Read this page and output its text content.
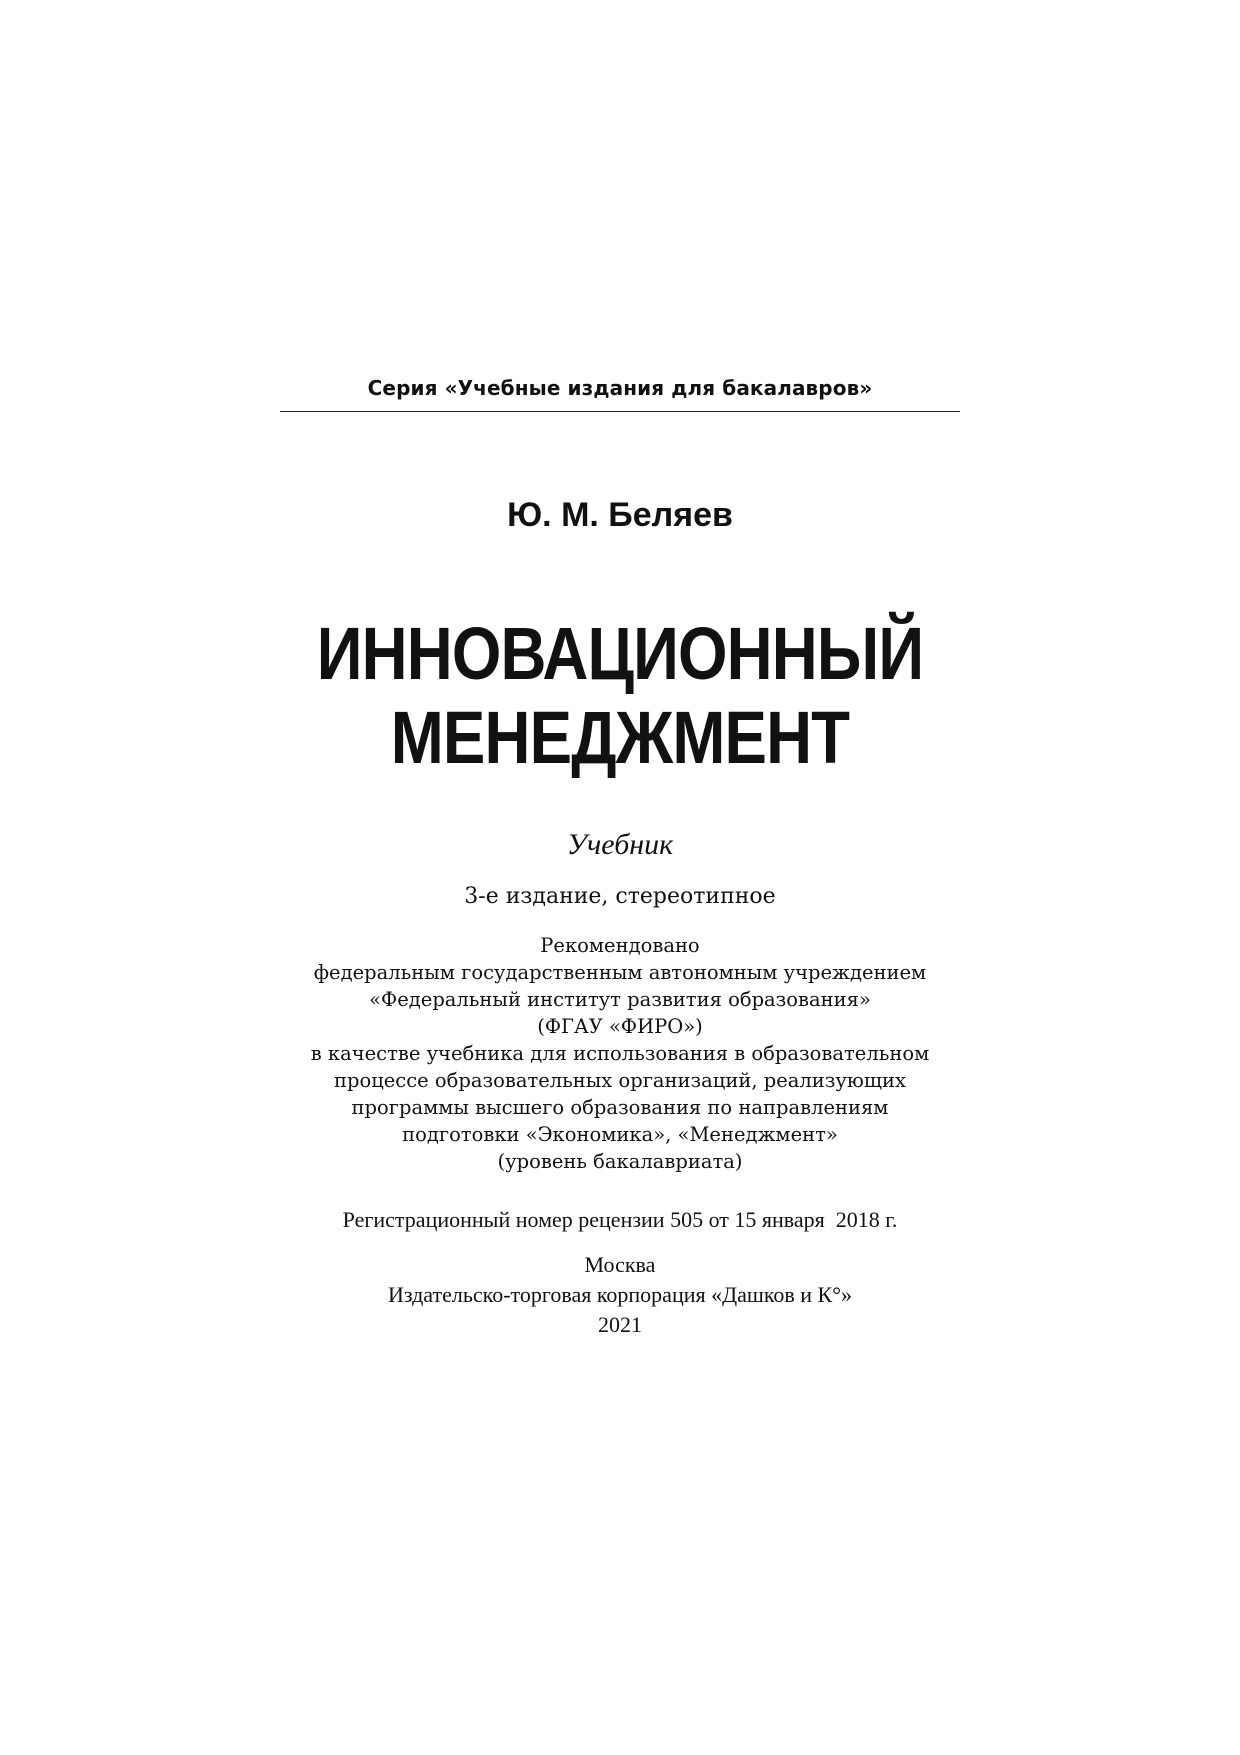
Серия «Учебные издания для бакалавров»
Ю. М. Беляев
ИННОВАЦИОННЫЙ
МЕНЕДЖМЕНТ
Учебник
3-е издание, стереотипное
Рекомендовано
федеральным государственным автономным учреждением
«Федеральный институт развития образования»
(ФГАУ «ФИРО»)
в качестве учебника для использования в образовательном
процессе образовательных организаций, реализующих
программы высшего образования по направлениям
подготовки «Экономика», «Менеджмент»
(уровень бакалавриата)
Регистрационный номер рецензии 505 от 15 января  2018 г.
Москва
Издательско-торговая корпорация «Дашков и К°»
2021
